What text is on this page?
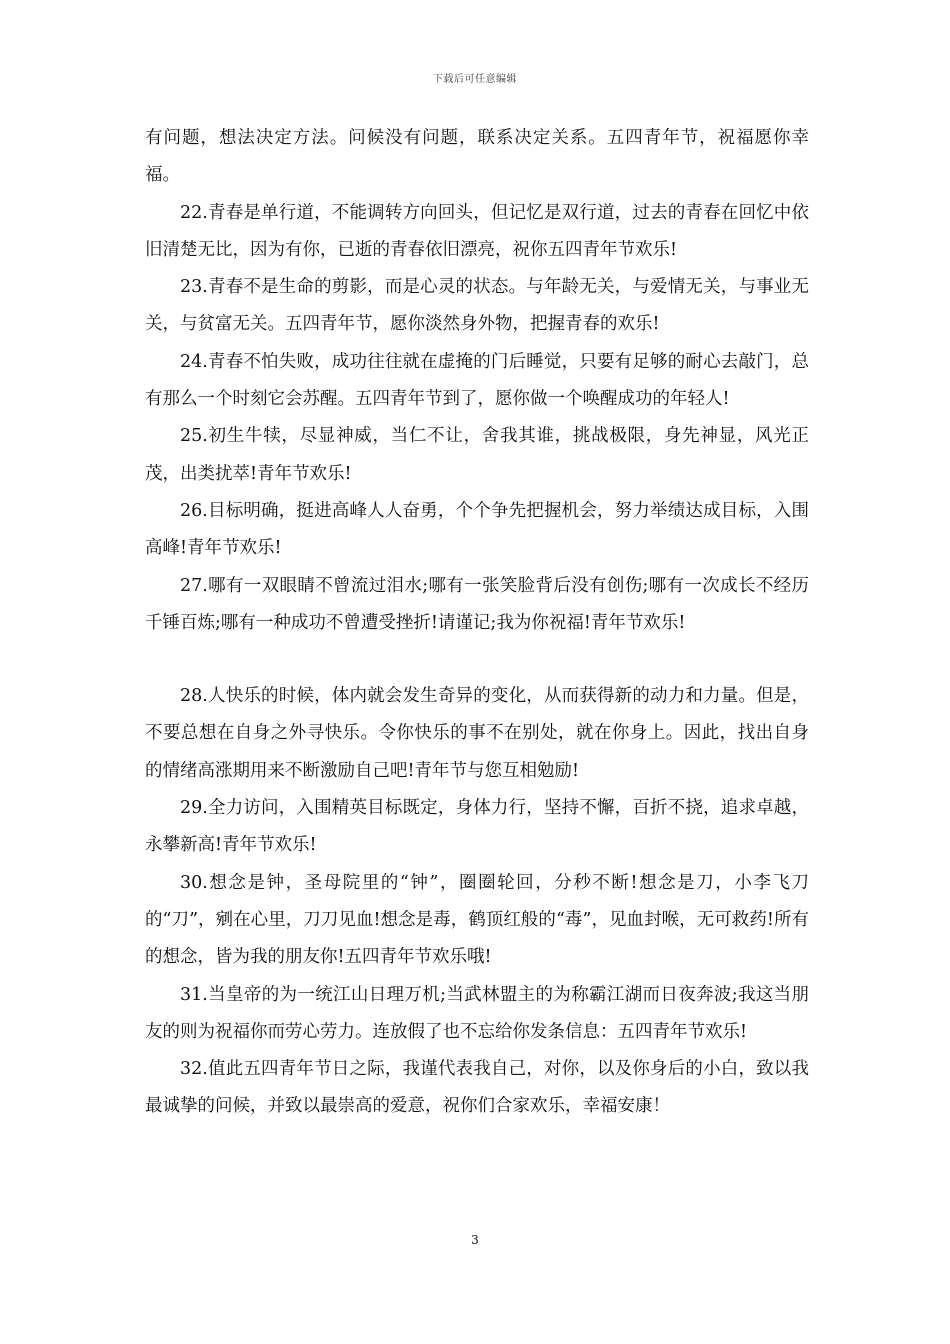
下载后可任意编辑

有问题，想法决定方法。问候没有问题，联系决定关系。五四青年节，祝福愿你幸福。

22.青春是单行道，不能调转方向回头，但记忆是双行道，过去的青春在回忆中依旧清楚无比，因为有你，已逝的青春依旧漂亮，祝你五四青年节欢乐!

23.青春不是生命的剪影，而是心灵的状态。与年龄无关，与爱情无关，与事业无关，与贫富无关。五四青年节，愿你淡然身外物，把握青春的欢乐!

24.青春不怕失败，成功往往就在虚掩的门后睡觉，只要有足够的耐心去敲门，总有那么一个时刻它会苏醒。五四青年节到了，愿你做一个唤醒成功的年轻人!

25.初生牛犊，尽显神威，当仁不让，舍我其谁，挑战极限，身先神显，风光正茂，出类扰萃!青年节欢乐!

26.目标明确，挺进高峰人人奋勇，个个争先把握机会，努力举绩达成目标，入围高峰!青年节欢乐!

27.哪有一双眼睛不曾流过泪水;哪有一张笑脸背后没有创伤;哪有一次成长不经历千锤百炼;哪有一种成功不曾遭受挫折!请谨记;我为你祝福!青年节欢乐!

28.人快乐的时候，体内就会发生奇异的变化，从而获得新的动力和力量。但是，不要总想在自身之外寻快乐。令你快乐的事不在别处，就在你身上。因此，找出自身的情绪高涨期用来不断激励自己吧!青年节与您互相勉励!

29.全力访问，入围精英目标既定，身体力行，坚持不懈，百折不挠，追求卓越，永攀新高!青年节欢乐!

30.想念是钟，圣母院里的“钟”，圈圈轮回，分秒不断!想念是刀，小李飞刀的“刀”，剜在心里，刀刀见血!想念是毒，鹤顶红般的“毒”，见血封喉，无可救药!所有的想念，皆为我的朋友你!五四青年节欢乐哦!

31.当皇帝的为一统江山日理万机;当武林盟主的为称霸江湖而日夜奔波;我这当朋友的则为祝福你而劳心劳力。连放假了也不忘给你发条信息：五四青年节欢乐!

32.值此五四青年节日之际，我谨代表我自己，对你，以及你身后的小白，致以我最诚挚的问候，并致以最崇高的爱意，祝你们合家欢乐，幸福安康！

3
